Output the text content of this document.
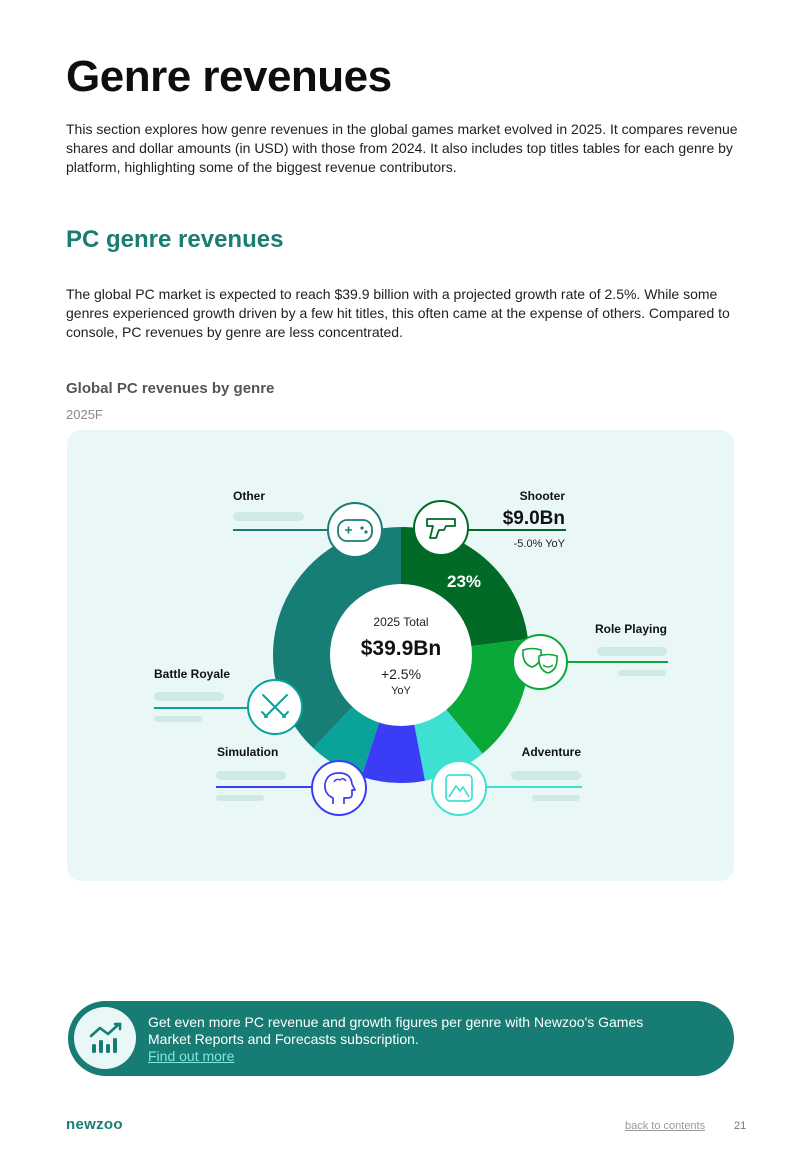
Genre revenues

This section explores how genre revenues in the global games market evolved in 2025. It compares revenue shares and dollar amounts (in USD) with those from 2024. It also includes top titles tables for each genre by platform, highlighting some of the biggest revenue contributors.

PC genre revenues

The global PC market is expected to reach $39.9 billion with a projected growth rate of 2.5%. While some genres experienced growth driven by a few hit titles, this often came at the expense of others. Compared to console, PC revenues by genre are less concentrated.

Global PC revenues by genre
2025F
2025 Total
$39.9Bn
+2.5%
YoY
23%
Shooter
$9.0Bn
-5.0% YoY
Other
Role Playing
Battle Royale
Simulation	Adventure

Get even more PC revenue and growth figures per genre with Newzoo's Games Market Reports and Forecasts subscription.

Find out more
newzoo	back to contents	21
